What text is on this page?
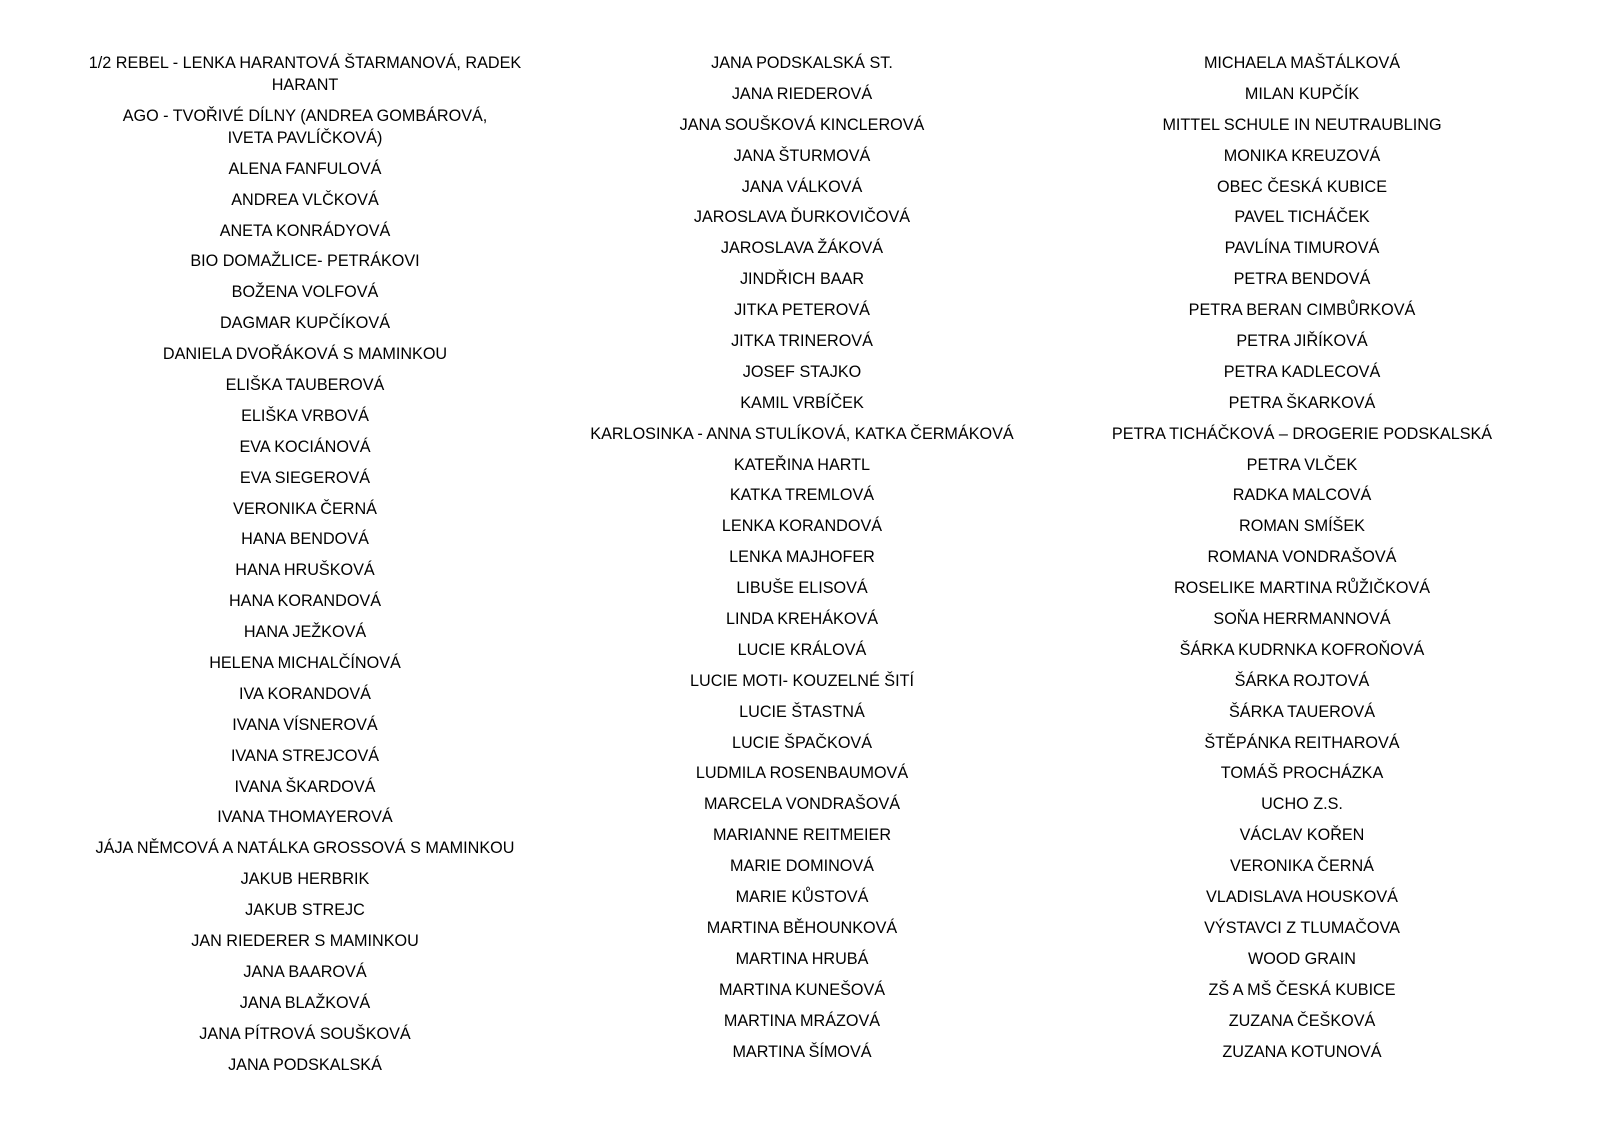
1/2 REBEL - LENKA HARANTOVÁ ŠTARMANOVÁ, RADEK HARANT
AGO - TVOŘIVÉ DÍLNY (ANDREA GOMBÁROVÁ, IVETA PAVLÍČKOVÁ)
ALENA FANFULOVÁ
ANDREA VLČKOVÁ
ANETA KONRÁDYOVÁ
BIO DOMAŽLICE- PETRÁKOVI
BOŽENA VOLFOVÁ
DAGMAR KUPČÍKOVÁ
DANIELA DVOŘÁKOVÁ S MAMINKOU
ELIŠKA TAUBEROVÁ
ELIŠKA VRBOVÁ
EVA KOCIÁNOVÁ
EVA SIEGEROVÁ
VERONIKA ČERNÁ
HANA BENDOVÁ
HANA HRUŠKOVÁ
HANA KORANDOVÁ
HANA JEŽKOVÁ
HELENA MICHALČÍNOVÁ
IVA KORANDOVÁ
IVANA VÍSNEROVÁ
IVANA STREJCOVÁ
IVANA ŠKARDOVÁ
IVANA THOMAYEROVÁ
JÁJA NĚMCOVÁ A NATÁLKA GROSSOVÁ S MAMINKOU
JAKUB HERBRIK
JAKUB STREJC
JAN RIEDERER S MAMINKOU
JANA BAAROVÁ
JANA BLAŽKOVÁ
JANA PÍTROVÁ SOUŠKOVÁ
JANA PODSKALSKÁ
JANA PODSKALSKÁ ST.
JANA RIEDEROVÁ
JANA SOUŠKOVÁ KINCLEROVÁ
JANA ŠTURMOVÁ
JANA VÁLKOVÁ
JAROSLAVA ĎURKOVIČOVÁ
JAROSLAVA ŽÁKOVÁ
JINDŘICH BAAR
JITKA PETEROVÁ
JITKA TRINEROVÁ
JOSEF STAJKO
KAMIL VRBÍČEK
KARLOSINKA - ANNA STULÍKOVÁ, KATKA ČERMÁKOVÁ
KATEŘINA HARTL
KATKA TREMLOVÁ
LENKA KORANDOVÁ
LENKA MAJHOFER
LIBUŠE ELISOVÁ
LINDA KREHÁKOVÁ
LUCIE KRÁLOVÁ
LUCIE MOTI- KOUZELNÉ ŠITÍ
LUCIE ŠTASTNÁ
LUCIE ŠPAČKOVÁ
LUDMILA ROSENBAUMOVÁ
MARCELA VONDRAŠOVÁ
MARIANNE REITMEIER
MARIE DOMINOVÁ
MARIE KŮSTOVÁ
MARTINA BĚHOUNKOVÁ
MARTINA HRUBÁ
MARTINA KUNEŠOVÁ
MARTINA MRÁZOVÁ
MARTINA ŠÍMOVÁ
MICHAELA MAŠTÁLKOVÁ
MILAN KUPČÍK
MITTEL SCHULE IN NEUTRAUBLING
MONIKA KREUZOVÁ
OBEC ČESKÁ KUBICE
PAVEL TICHÁČEK
PAVLÍNA TIMUROVÁ
PETRA BENDOVÁ
PETRA BERAN CIMBŮRKOVÁ
PETRA JIŘÍKOVÁ
PETRA KADLECOVÁ
PETRA ŠKARKOVÁ
PETRA TICHÁČKOVÁ – DROGERIE PODSKALSKÁ
PETRA VLČEK
RADKA MALCOVÁ
ROMAN SMÍŠEK
ROMANA VONDRAŠOVÁ
ROSELIKE MARTINA RŮŽIČKOVÁ
SOŇA HERRMANNOVÁ
ŠÁRKA KUDRNKA KOFROŇOVÁ
ŠÁRKA ROJTOVÁ
ŠÁRKA TAUEROVÁ
ŠTĚPÁNKA REITHAROVÁ
TOMÁŠ PROCHÁZKA
UCHO Z.S.
VÁCLAV KOŘEN
VERONIKA ČERNÁ
VLADISLAVA HOUSKOVÁ
VÝSTAVCI Z TLUMAČOVA
WOOD GRAIN
ZŠ A MŠ ČESKÁ KUBICE
ZUZANA ČEŠKOVÁ
ZUZANA KOTUNOVÁ
